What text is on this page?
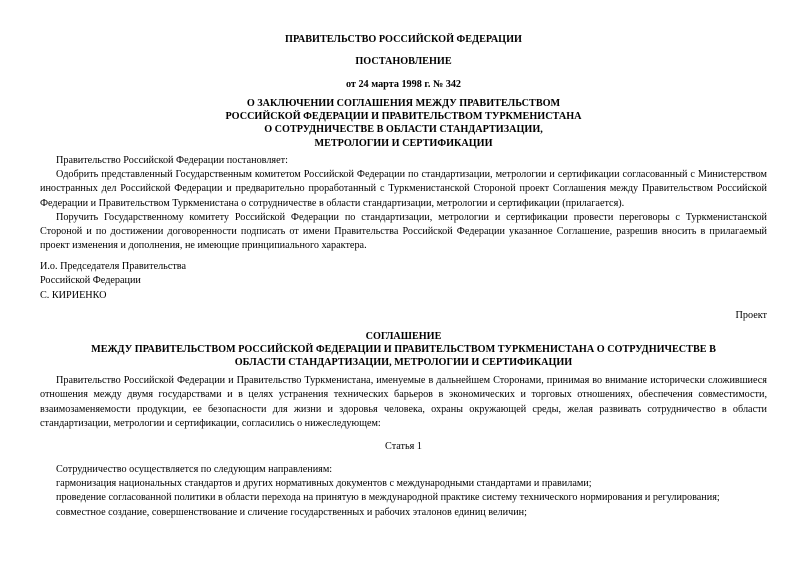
ПРАВИТЕЛЬСТВО РОССИЙСКОЙ ФЕДЕРАЦИИ
ПОСТАНОВЛЕНИЕ
от 24 марта 1998 г. № 342
О ЗАКЛЮЧЕНИИ СОГЛАШЕНИЯ МЕЖДУ ПРАВИТЕЛЬСТВОМ
РОССИЙСКОЙ ФЕДЕРАЦИИ И ПРАВИТЕЛЬСТВОМ ТУРКМЕНИСТАНА
О СОТРУДНИЧЕСТВЕ В ОБЛАСТИ СТАНДАРТИЗАЦИИ,
МЕТРОЛОГИИ И СЕРТИФИКАЦИИ

Правительство Российской Федерации постановляет:

Одобрить представленный Государственным комитетом Российской Федерации по стандартизации, метрологии и сертификации согласованный с Министерством иностранных дел Российской Федерации и предварительно проработанный с Туркменистанской Стороной проект Соглашения между Правительством Российской Федерации и Правительством Туркменистана о сотрудничестве в области стандартизации, метрологии и сертификации (прилагается).

Поручить Государственному комитету Российской Федерации по стандартизации, метрологии и сертификации провести переговоры с Туркменистанской Стороной и по достижении договоренности подписать от имени Правительства Российской Федерации указанное Соглашение, разрешив вносить в прилагаемый проект изменения и дополнения, не имеющие принципиального характера.

И.о. Председателя Правительства
Российской Федерации
С. КИРИЕНКО
Проект
СОГЛАШЕНИЕ
МЕЖДУ ПРАВИТЕЛЬСТВОМ РОССИЙСКОЙ ФЕДЕРАЦИИ И ПРАВИТЕЛЬСТВОМ ТУРКМЕНИСТАНА О СОТРУДНИЧЕСТВЕ В
ОБЛАСТИ СТАНДАРТИЗАЦИИ, МЕТРОЛОГИИ И СЕРТИФИКАЦИИ

Правительство Российской Федерации и Правительство Туркменистана, именуемые в дальнейшем Сторонами, принимая во внимание исторически сложившиеся отношения между двумя государствами и в целях устранения технических барьеров в экономических и торговых отношениях, обеспечения совместимости, взаимозаменяемости продукции, ее безопасности для жизни и здоровья человека, охраны окружающей среды, желая развивать сотрудничество в области стандартизации, метрологии и сертификации, согласились о нижеследующем:

Статья 1

Сотрудничество осуществляется по следующим направлениям:

гармонизация национальных стандартов и других нормативных документов с международными стандартами и правилами;

проведение согласованной политики в области перехода на принятую в международной практике систему технического нормирования и регулирования;

совместное создание, совершенствование и сличение государственных и рабочих эталонов единиц величин;
